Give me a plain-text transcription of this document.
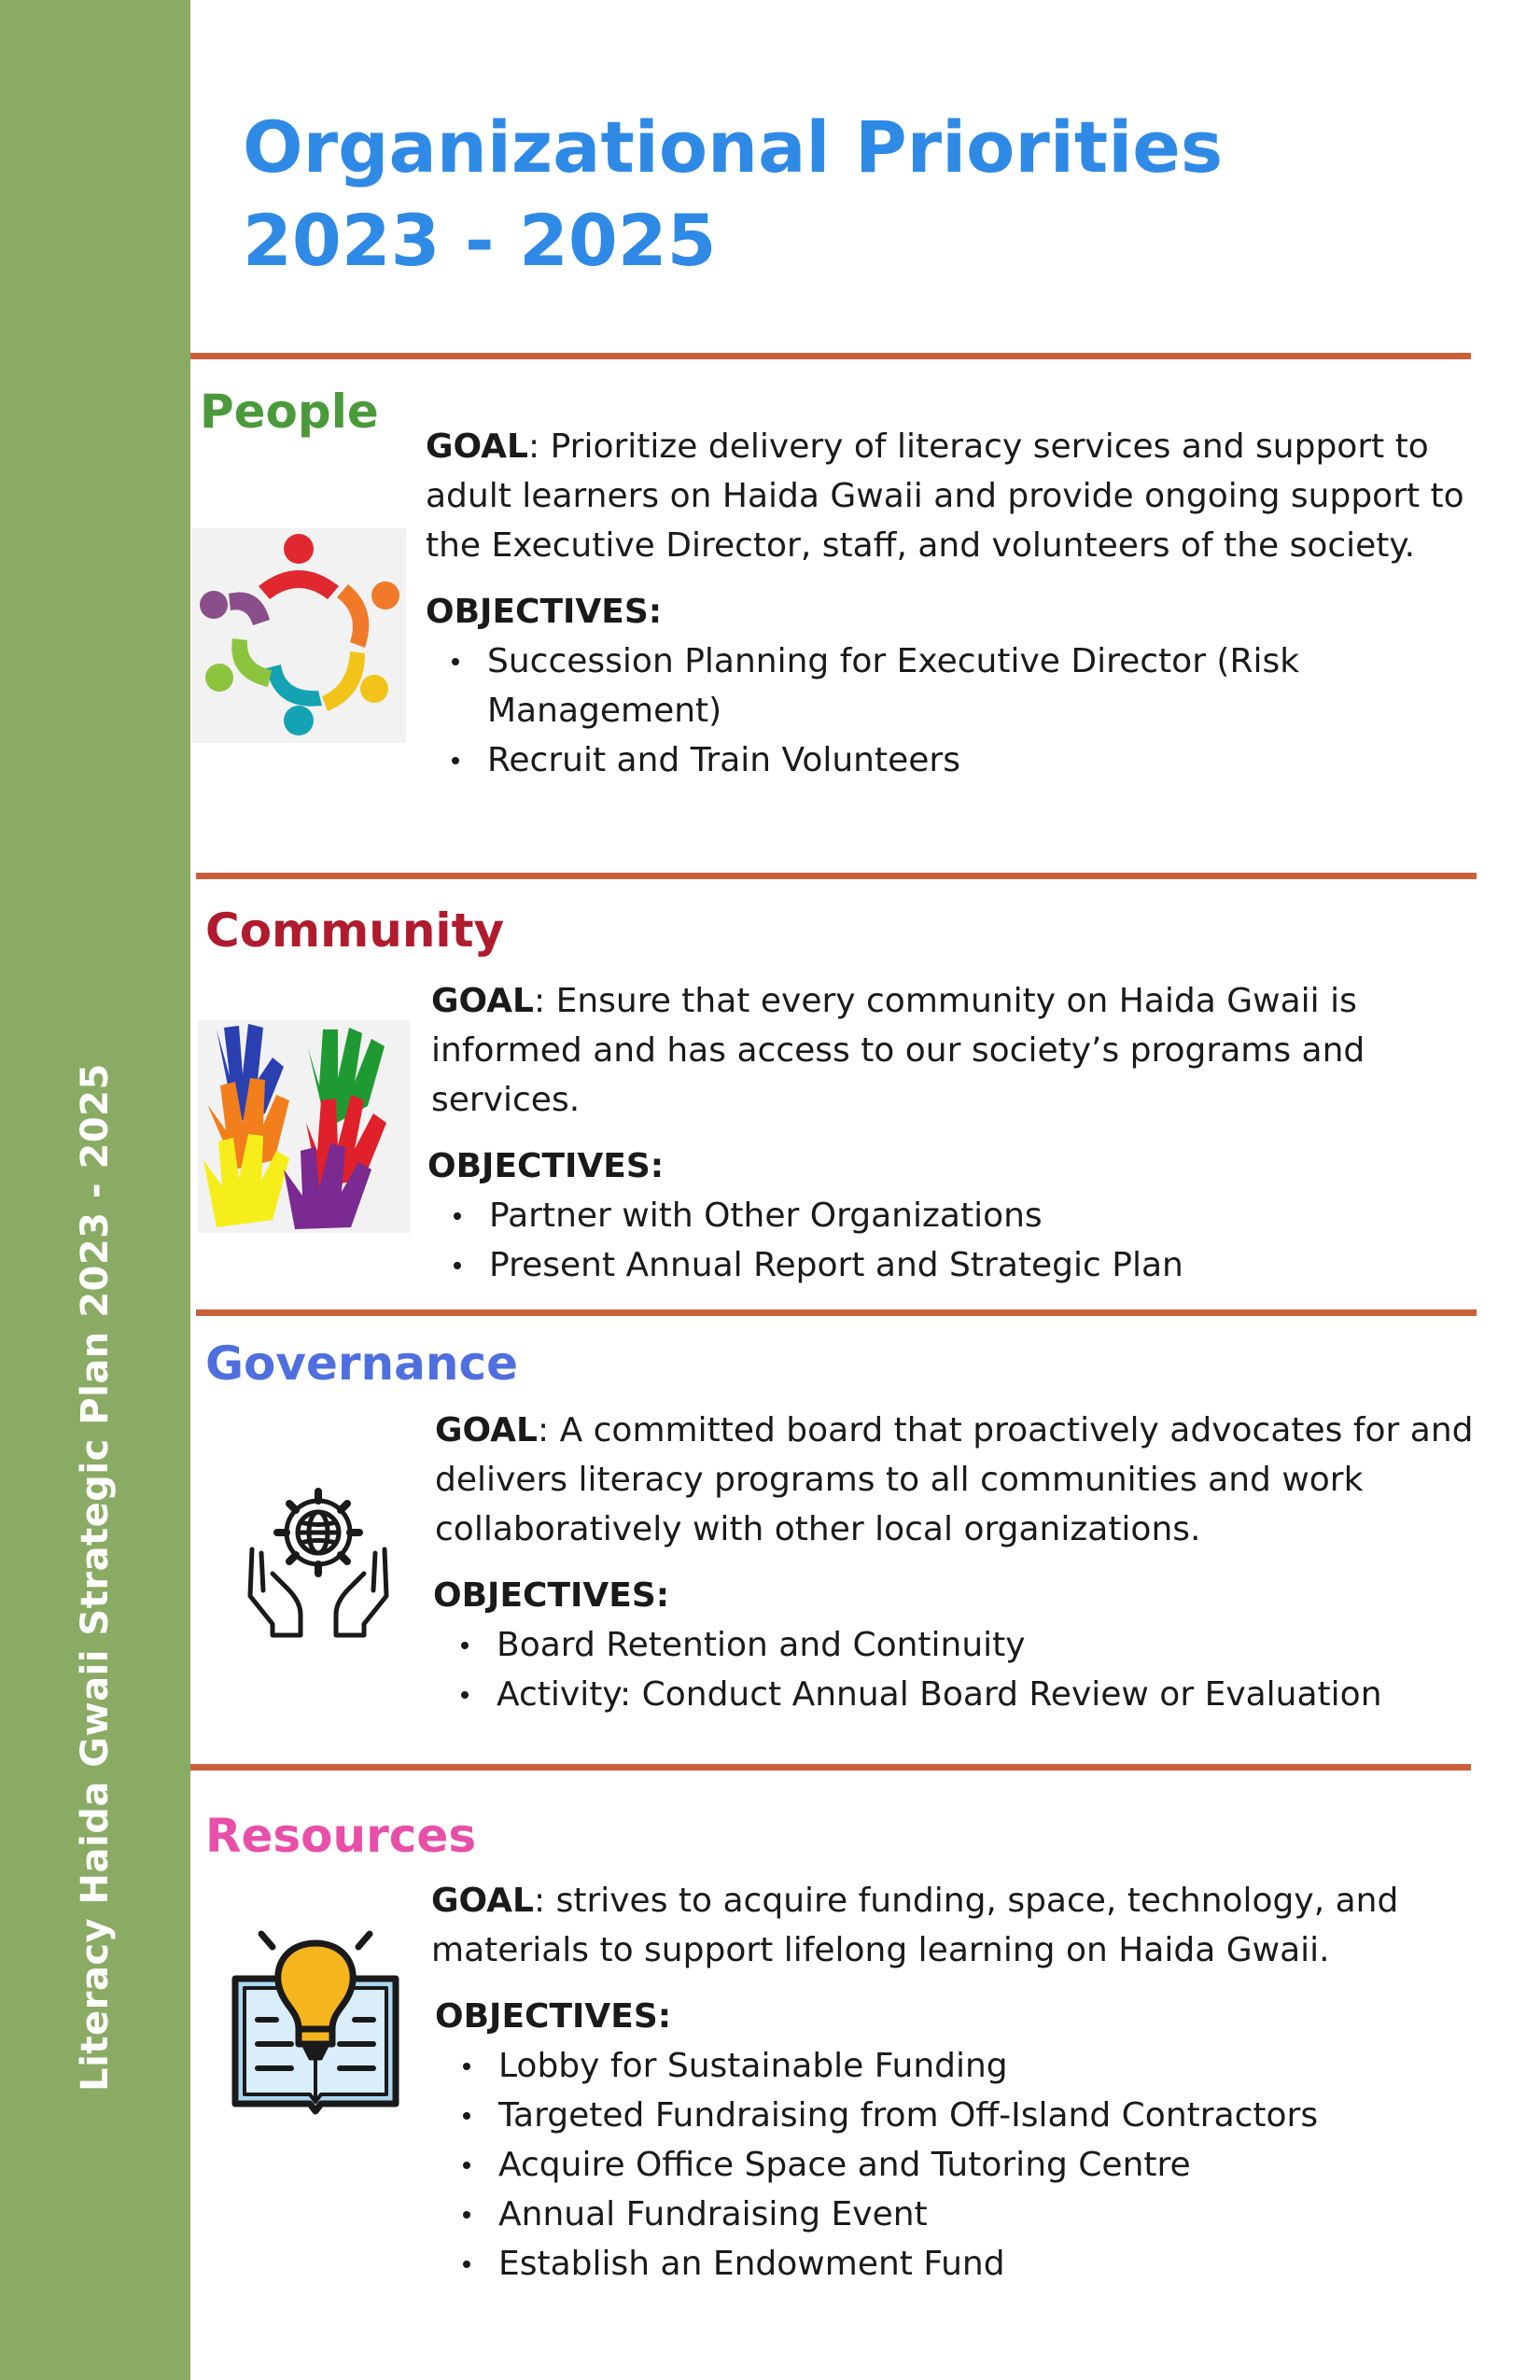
Literacy Haida Gwaii Strategic Plan 2023 - 2025
Organizational Priorities
2023 - 2025
People

GOAL: Prioritize delivery of literacy services and support to adult learners on Haida Gwaii and provide ongoing support to the Executive Director, staff, and volunteers of the society.

OBJECTIVES:
Succession Planning for Executive Director (Risk Management)
Recruit and Train Volunteers
Community

GOAL: Ensure that every community on Haida Gwaii is informed and has access to our society’s programs and services.

OBJECTIVES:
Partner with Other Organizations
Present Annual Report and Strategic Plan
Governance

GOAL: A committed board that proactively advocates for and delivers literacy programs to all communities and work collaboratively with other local organizations.

OBJECTIVES:
Board Retention and Continuity
Activity: Conduct Annual Board Review or Evaluation
Resources

GOAL: strives to acquire funding, space, technology, and materials to support lifelong learning on Haida Gwaii.

OBJECTIVES:
Lobby for Sustainable Funding
Targeted Fundraising from Off-Island Contractors
Acquire Office Space and Tutoring Centre
Annual Fundraising Event
Establish an Endowment Fund
